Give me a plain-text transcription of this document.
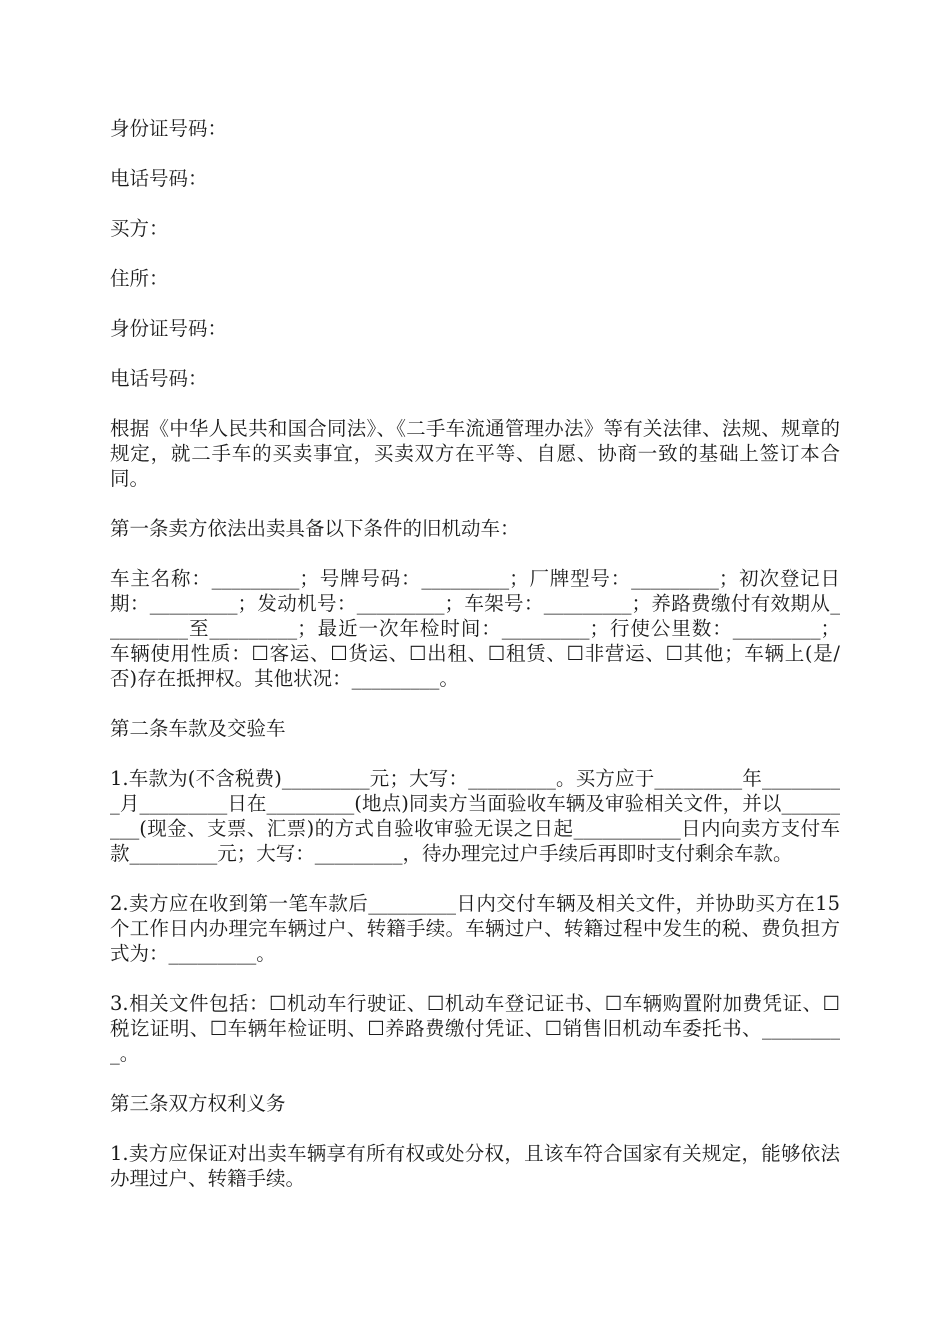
身份证号码：

电话号码：

买方：

住所：

身份证号码：

电话号码：

根据《中华人民共和国合同法》、《二手车流通管理办法》等有关法律、法规、规章的规定，就二手车的买卖事宜，买卖双方在平等、自愿、协商一致的基础上签订本合同。

第一条卖方依法出卖具备以下条件的旧机动车：

车主名称：_________；号牌号码：_________；厂牌型号：_________；初次登记日期：_________；发动机号：_________；车架号：_________；养路费缴付有效期从_________至_________；最近一次年检时间：_________；行使公里数：_________；车辆使用性质：☐客运、☐货运、☐出租、☐租赁、☐非营运、☐其他；车辆上(是/否)存在抵押权。其他状况：_________。

第二条车款及交验车

1.车款为(不含税费)_________元；大写：_________。买方应于_________年_________月_________日在_________(地点)同卖方当面验收车辆及审验相关文件，并以_________(现金、支票、汇票)的方式自验收审验无误之日起___________日内向卖方支付车款_________元；大写：_________，待办理完过户手续后再即时支付剩余车款。

2.卖方应在收到第一笔车款后_________日内交付车辆及相关文件，并协助买方在15个工作日内办理完车辆过户、转籍手续。车辆过户、转籍过程中发生的税、费负担方式为：_________。

3.相关文件包括：☐机动车行驶证、☐机动车登记证书、☐车辆购置附加费凭证、☐税讫证明、☐车辆年检证明、☐养路费缴付凭证、☐销售旧机动车委托书、_________。

第三条双方权利义务

1.卖方应保证对出卖车辆享有所有权或处分权，且该车符合国家有关规定，能够依法办理过户、转籍手续。
